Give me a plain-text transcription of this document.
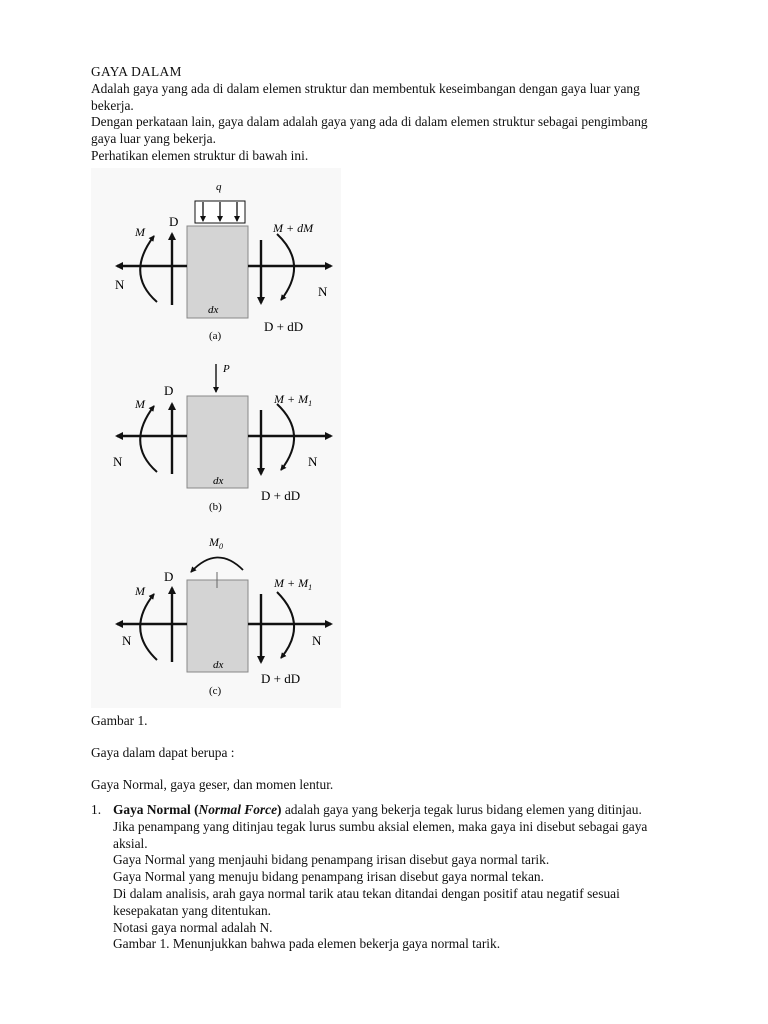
GAYA DALAM

Adalah gaya yang ada di dalam elemen struktur dan membentuk keseimbangan dengan gaya luar yang

bekerja.

Dengan perkataan lain, gaya dalam adalah gaya yang ada di dalam elemen struktur sebagai pengimbang

gaya luar yang bekerja.

Perhatikan elemen struktur di bawah ini.

q
M	M + dM
D
D + dD
N	N
dx
(a)
P
M	$M + M_1$
D
D + dD
N	N
dx
(b)
$M_0$
M
$M + M_1$
D
D + dD
N	N
dx
(c)

Gambar 1.

Gaya dalam dapat berupa :

Gaya Normal, gaya geser, dan momen lentur.

1. Gaya Normal (Normal Force) adalah gaya yang bekerja tegak lurus bidang elemen yang ditinjau.

Jika penampang yang ditinjau tegak lurus sumbu aksial elemen, maka gaya ini disebut sebagai gaya

aksial.

Gaya Normal yang menjauhi bidang penampang irisan disebut gaya normal tarik.

Gaya Normal yang menuju bidang penampang irisan disebut gaya normal tekan.

Di dalam analisis, arah gaya normal tarik atau tekan ditandai dengan positif atau negatif sesuai

kesepakatan yang ditentukan.

Notasi gaya normal adalah N.

Gambar 1. Menunjukkan bahwa pada elemen bekerja gaya normal tarik.
